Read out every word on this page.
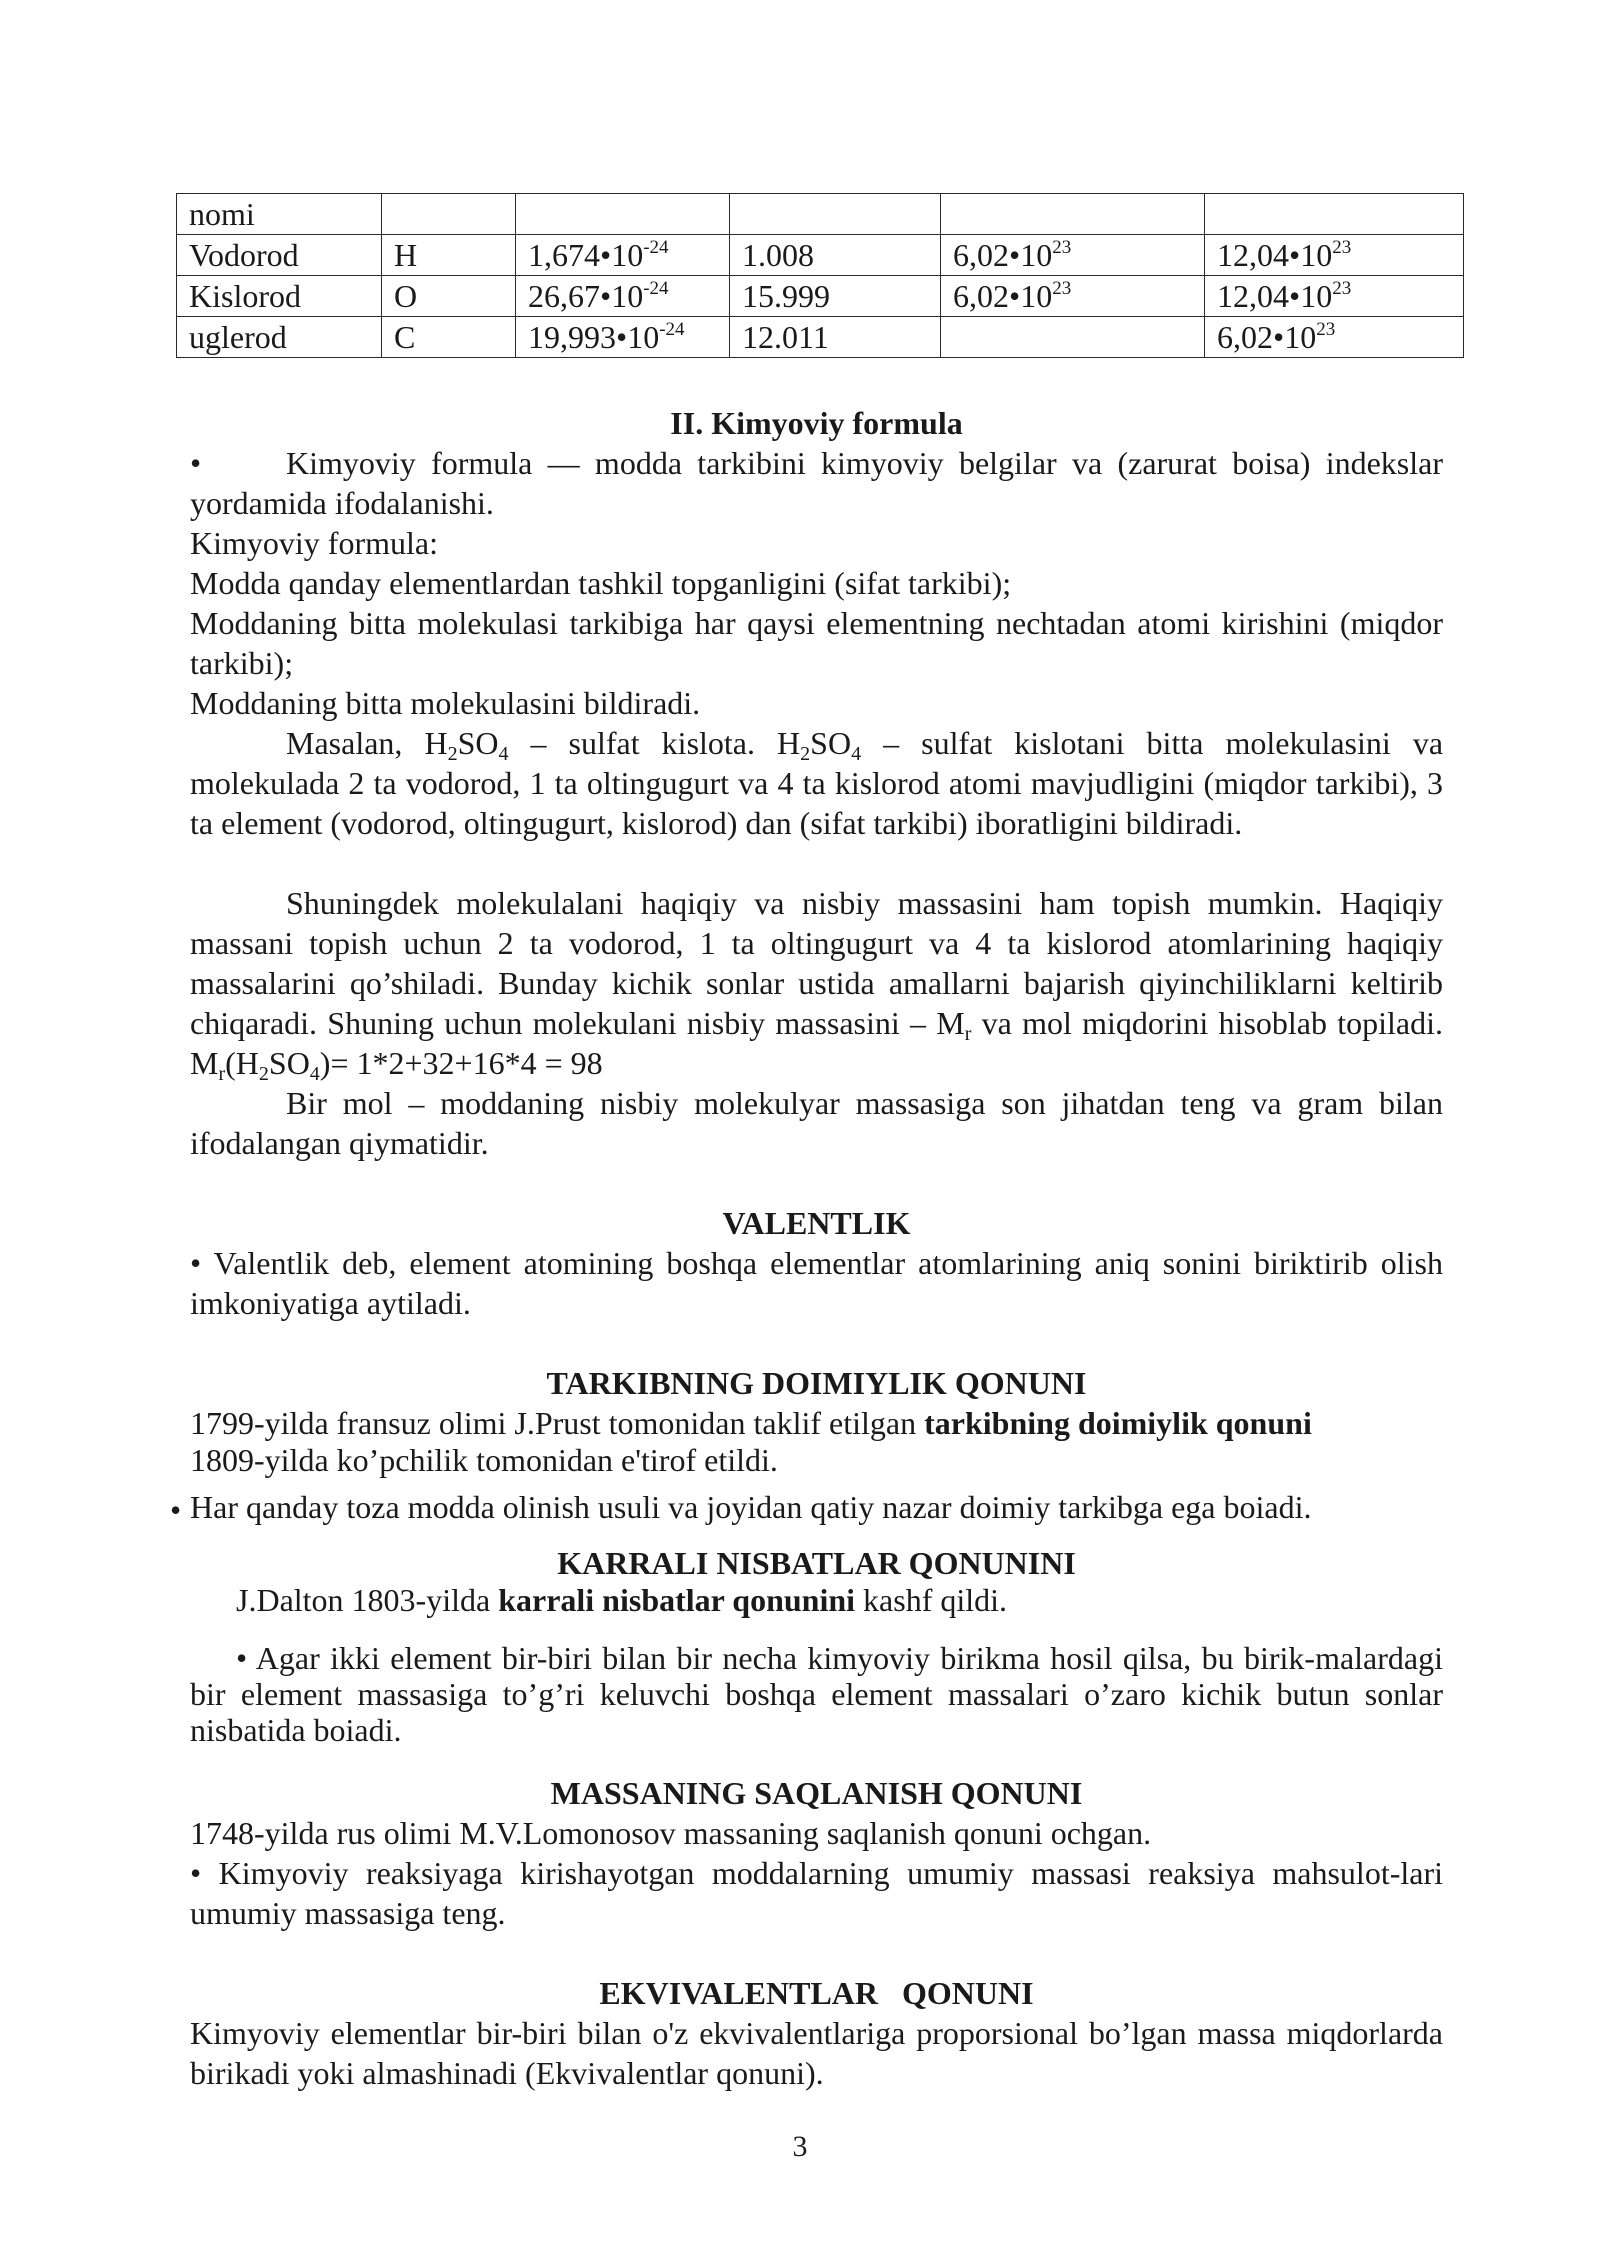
nomi					
Vodorod	H	$1,674•10^{-24}$	1.008	$6,02•10^{23}$	$12,04•10^{23}$
Kislorod	O	$26,67•10^{-24}$	15.999	$6,02•10^{23}$	$12,04•10^{23}$
uglerod	C	$19,993•10^{-24}$	12.011		$6,02•10^{23}$

II. Kimyoviy formula

•	Kimyoviy formula — modda tarkibini kimyoviy belgilar va (zarurat boisa) indekslar yordamida ifodalanishi.

Kimyoviy formula:

Modda qanday elementlardan tashkil topganligini (sifat tarkibi);

Moddaning bitta molekulasi tarkibiga har qaysi elementning nechtadan atomi kirishini (miqdor tarkibi);

Moddaning bitta molekulasini bildiradi.

Masalan, $H_2SO_4$ – sulfat kislota. $H_2SO_4$ – sulfat kislotani bitta molekulasini va molekulada 2 ta vodorod, 1 ta oltingugurt va 4 ta kislorod atomi mavjudligini (miqdor tarkibi), 3 ta element (vodorod, oltingugurt, kislorod) dan (sifat tarkibi) iboratligini bildiradi.

Shuningdek molekulalani haqiqiy va nisbiy massasini ham topish mumkin. Haqiqiy massani topish uchun 2 ta vodorod, 1 ta oltingugurt va 4 ta kislorod atomlarining haqiqiy massalarini qo’shiladi. Bunday kichik sonlar ustida amallarni bajarish qiyinchiliklarni keltirib chiqaradi. Shuning uchun molekulani nisbiy massasini – $M_r$ va mol miqdorini hisoblab topiladi. $M_r(H_2SO_4)= 1*2+32+16*4 = 98$

Bir mol – moddaning nisbiy molekulyar massasiga son jihatdan teng va gram bilan ifodalangan qiymatidir.

VALENTLIK

• Valentlik deb, element atomining boshqa elementlar atomlarining aniq sonini biriktirib olish imkoniyatiga aytiladi.

TARKIBNING DOIMIYLIK QONUNI

1799-yilda fransuz olimi J.Prust tomonidan taklif etilgan tarkibning doimiylik qonuni

1809-yilda ko’pchilik tomonidan e'tirof etildi.

• Har qanday toza modda olinish usuli va joyidan qatiy nazar doimiy tarkibga ega boiadi.

KARRALI NISBATLAR QONUNINI

J.Dalton 1803-yilda karrali nisbatlar qonunini kashf qildi.

• Agar ikki element bir-biri bilan bir necha kimyoviy birikma hosil qilsa, bu birik-malardagi bir element massasiga to’g’ri keluvchi boshqa element massalari o’zaro kichik butun sonlar nisbatida boiadi.

MASSANING SAQLANISH QONUNI

1748-yilda rus olimi M.V.Lomonosov massaning saqlanish qonuni ochgan.

• Kimyoviy reaksiyaga kirishayotgan moddalarning umumiy massasi reaksiya mahsulot-lari umumiy massasiga teng.

EKVIVALENTLAR   QONUNI

Kimyoviy elementlar bir-biri bilan o'z ekvivalentlariga proporsional bo’lgan massa miqdorlarda birikadi yoki almashinadi (Ekvivalentlar qonuni).

3
